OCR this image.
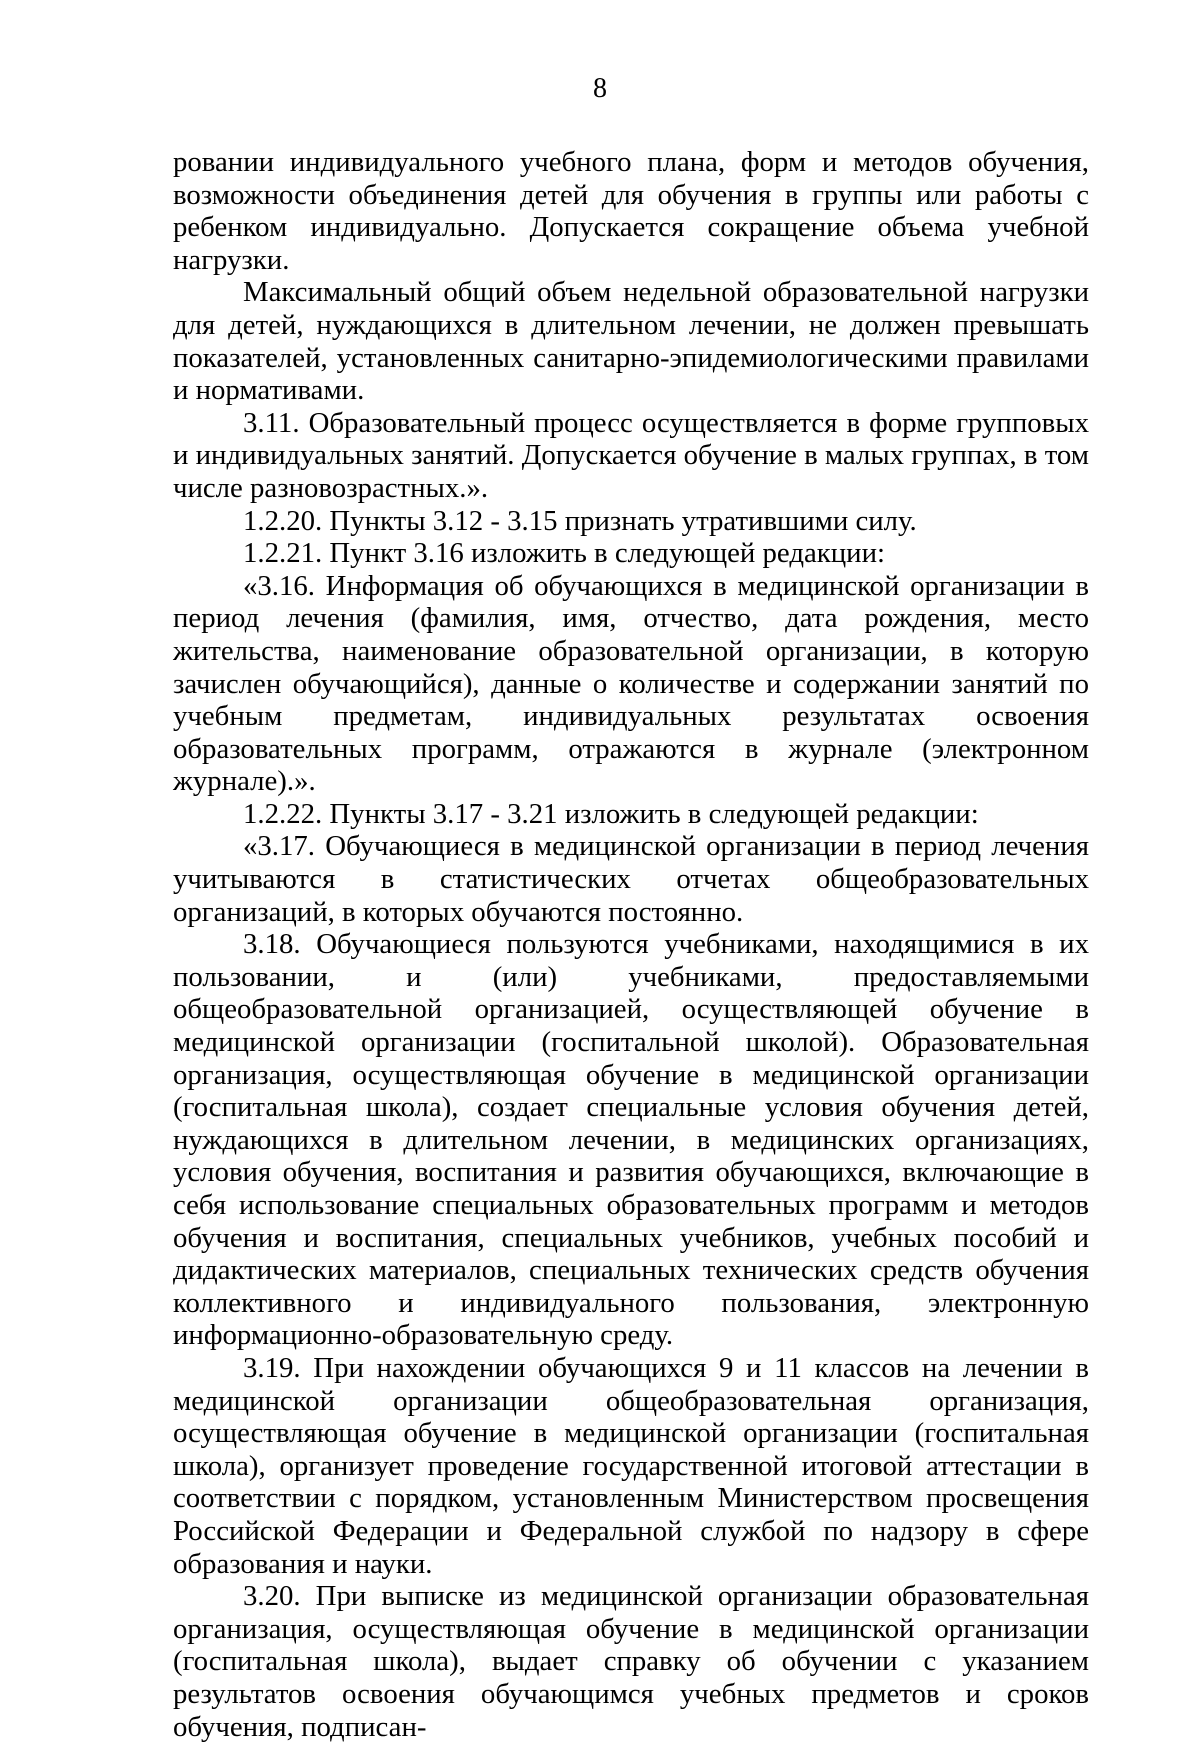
8

ровании индивидуального учебного плана, форм и методов обучения, возможности объединения детей для обучения в группы или работы с ребенком индивидуально. Допускается сокращение объема учебной нагрузки.

Максимальный общий объем недельной образовательной нагрузки для детей, нуждающихся в длительном лечении, не должен превышать показателей, установленных санитарно-эпидемиологическими правилами и нормативами.

3.11. Образовательный процесс осуществляется в форме групповых и индивидуальных занятий. Допускается обучение в малых группах, в том числе разновозрастных.».

1.2.20. Пункты 3.12 - 3.15 признать утратившими силу.

1.2.21. Пункт 3.16 изложить в следующей редакции:

«3.16. Информация об обучающихся в медицинской организации в период лечения (фамилия, имя, отчество, дата рождения, место жительства, наименование образовательной организации, в которую зачислен обучающийся), данные о количестве и содержании занятий по учебным предметам, индивидуальных результатах освоения образовательных программ, отражаются в журнале (электронном журнале).».

1.2.22. Пункты 3.17 - 3.21 изложить в следующей редакции:

«3.17. Обучающиеся в медицинской организации в период лечения учитываются в статистических отчетах общеобразовательных организаций, в которых обучаются постоянно.

3.18. Обучающиеся пользуются учебниками, находящимися в их пользовании, и (или) учебниками, предоставляемыми общеобразовательной организацией, осуществляющей обучение в медицинской организации (госпитальной школой). Образовательная организация, осуществляющая обучение в медицинской организации (госпитальная школа), создает специальные условия обучения детей, нуждающихся в длительном лечении, в медицинских организациях, условия обучения, воспитания и развития обучающихся, включающие в себя использование специальных образовательных программ и методов обучения и воспитания, специальных учебников, учебных пособий и дидактических материалов, специальных технических средств обучения коллективного и индивидуального пользования, электронную информационно-образовательную среду.

3.19. При нахождении обучающихся 9 и 11 классов на лечении в медицинской организации общеобразовательная организация, осуществляющая обучение в медицинской организации (госпитальная школа), организует проведение государственной итоговой аттестации в соответствии с порядком, установленным Министерством просвещения Российской Федерации и Федеральной службой по надзору в сфере образования и науки.

3.20. При выписке из медицинской организации образовательная организация, осуществляющая обучение в медицинской организации (госпитальная школа), выдает справку об обучении с указанием результатов освоения обучающимся учебных предметов и сроков обучения, подписан-
